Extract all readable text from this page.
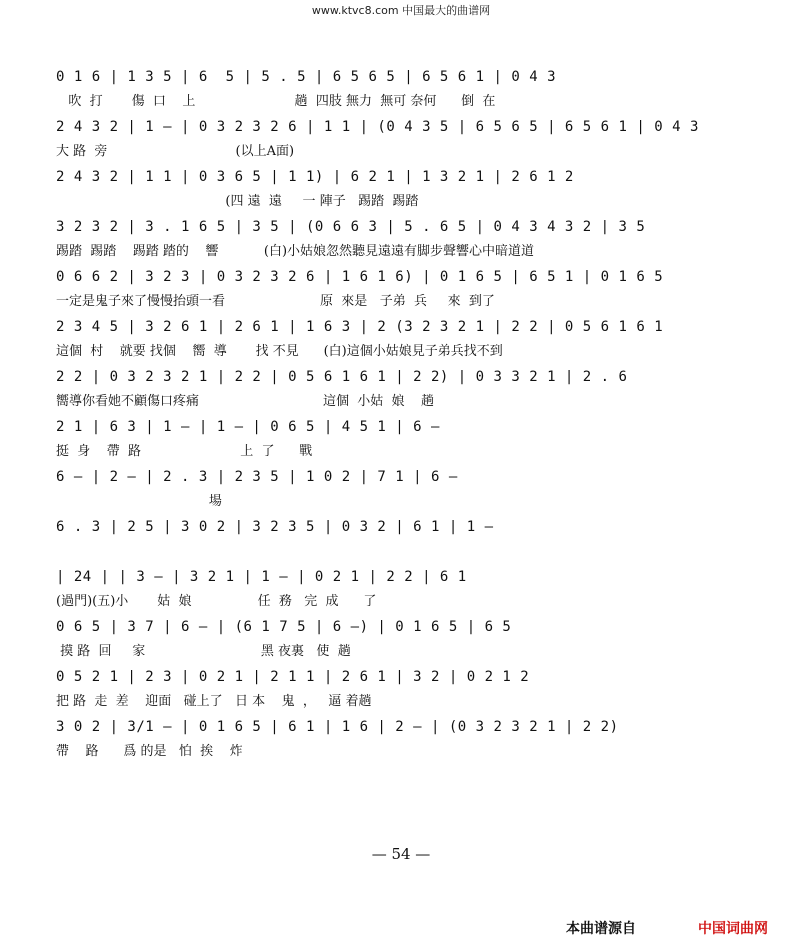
www.ktvc8.com 中国最大的曲谱网
0 1 6 | 1 3 5 | 6  5 | 5 . 5 | 6 5 6 5 | 6 5 6 1 | 0 4 3
吹  打       傷  口    上                        趟  四肢 無力  無可 奈何      倒  在
2 4 3 2 | 1 — | 0 3 2 3 2 6 | 1 1 | (0 4 3 5 | 6 5 6 5 | 6 5 6 1 | 0 4 3
大 路  旁                               (以上A面)
2 4 3 2 | 1 1 | 0 3 6 5 | 1 1) | 6 2 1 | 1 3 2 1 | 2 6 1 2
(四 遠  遠     一 陣子   踢踏  踢踏
3 2 3 2 | 3 . 1 6 5 | 3 5 | (0 6 6 3 | 5 . 6 5 | 0 4 3 4 3 2 | 3 5
踢踏  踢踏    踢踏 踏的    響           (白)小姑娘忽然聽見遠遠有脚步聲響心中暗道道
0 6 6 2 | 3 2 3 | 0 3 2 3 2 6 | 1 6 1 6) | 0 1 6 5 | 6 5 1 | 0 1 6 5
一定是鬼子來了慢慢抬頭一看                       原  來是   子弟  兵     來  到了
2 3 4 5 | 3 2 6 1 | 2 6 1 | 1 6 3 | 2 (3 2 3 2 1 | 2 2 | 0 5 6 1 6 1
這個  村    就要 找個    嚮  導       找 不見      (白)這個小姑娘見子弟兵找不到
2 2 | 0 3 2 3 2 1 | 2 2 | 0 5 6 1 6 1 | 2 2) | 0 3 3 2 1 | 2 . 6
嚮導你看她不顧傷口疼痛                              這個  小姑  娘    趟
2 1 | 6 3 | 1 — | 1 — | 0 6 5 | 4 5 1 | 6 —
挺  身    帶  路                        上  了      戰
6 — | 2 — | 2 . 3 | 2 3 5 | 1 0 2 | 7 1 | 6 —
場
6 . 3 | 2 5 | 3 0 2 | 3 2 3 5 | 0 3 2 | 6 1 | 1 —
| 24 | | 3 — | 3 2 1 | 1 — | 0 2 1 | 2 2 | 6 1
(過門)(五)小       姑  娘                任  務   完  成      了
0 6 5 | 3 7 | 6 — | (6 1 7 5 | 6 —) | 0 1 6 5 | 6 5
摸 路  回     家                            黑 夜裏   使  趟
0 5 2 1 | 2 3 | 0 2 1 | 2 1 1 | 2 6 1 | 3 2 | 0 2 1 2
把 路  走  差    迎面   碰上了   日 本    鬼  ，   逼 着趟
3 0 2 | 3/1 — | 0 1 6 5 | 6 1 | 1 6 | 2 — | (0 3 2 3 2 1 | 2 2)
帶    路      爲 的是   怕  挨    炸
— 54 —
本曲谱源自	中国词曲网
